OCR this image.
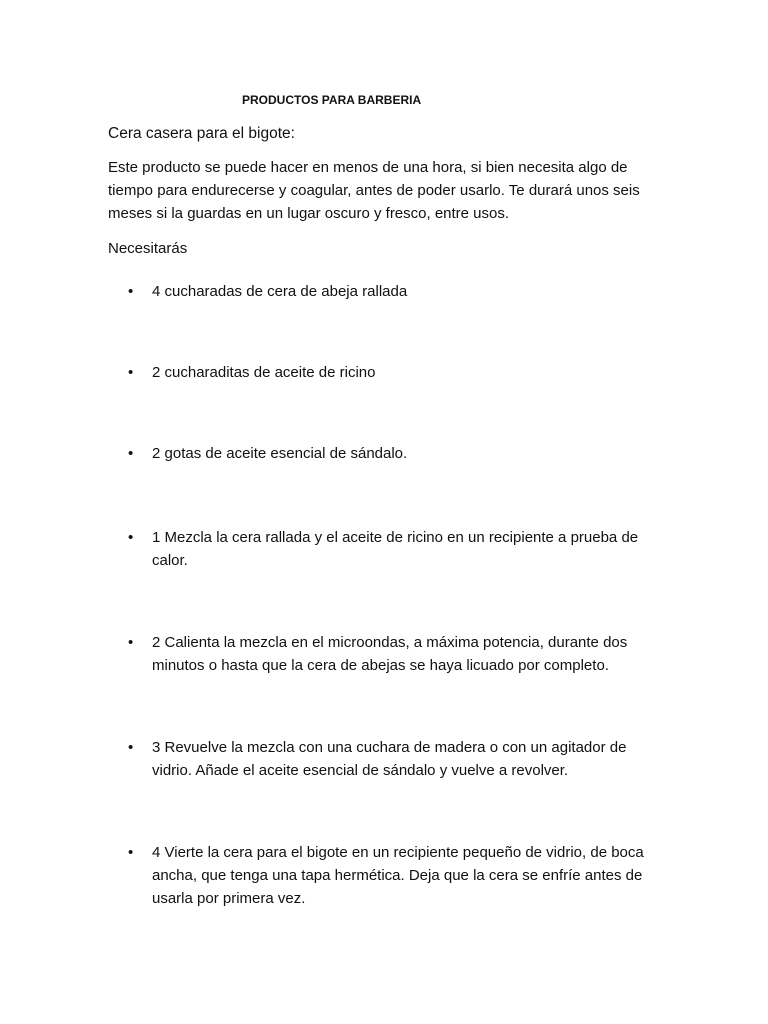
PRODUCTOS PARA BARBERIA
Cera casera para el bigote:
Este producto se puede hacer en menos de una hora, si bien necesita algo de tiempo para endurecerse y coagular, antes de poder usarlo. Te durará unos seis meses si la guardas en un lugar oscuro y fresco, entre usos.
Necesitarás
• 4 cucharadas de cera de abeja rallada
• 2 cucharaditas de aceite de ricino
• 2 gotas de aceite esencial de sándalo.
• 1 Mezcla la cera rallada y el aceite de ricino en un recipiente a prueba de calor.
• 2 Calienta la mezcla en el microondas, a máxima potencia, durante dos minutos o hasta que la cera de abejas se haya licuado por completo.
• 3 Revuelve la mezcla con una cuchara de madera o con un agitador de vidrio. Añade el aceite esencial de sándalo y vuelve a revolver.
• 4 Vierte la cera para el bigote en un recipiente pequeño de vidrio, de boca ancha, que tenga una tapa hermética. Deja que la cera se enfríe antes de usarla por primera vez.
